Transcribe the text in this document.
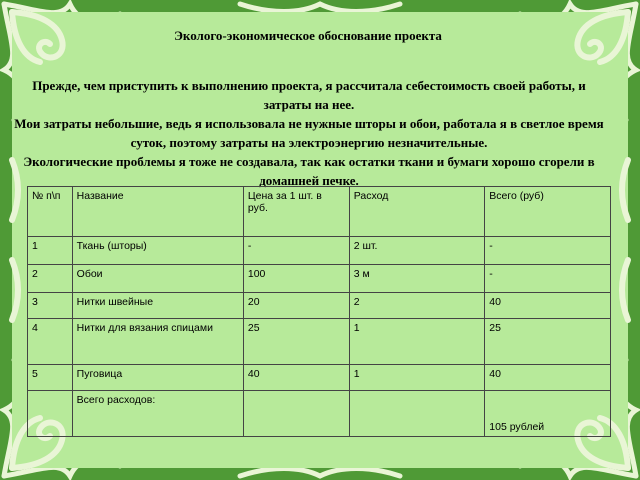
Эколого-экономическое обоснование проекта

Прежде, чем приступить к выполнению проекта, я рассчитала себестоимость своей работы, и затраты на нее.

Мои затраты небольшие, ведь я использовала не нужные шторы и обои, работала я в светлое время суток, поэтому затраты на электроэнергию незначительные.

Экологические проблемы я тоже не создавала, так как остатки ткани и бумаги хорошо сгорели в домашней печке.

№ п\п	Название	Цена за 1 шт. в руб.	Расход	Всего (руб)
1	Ткань (шторы)	-	2 шт.	-
2	Обои	100	3 м	-
3	Нитки швейные	20	2	40
4	Нитки для вязания спицами	25	1	25
5	Пуговица	40	1	40
	Всего расходов:			105 рублей
